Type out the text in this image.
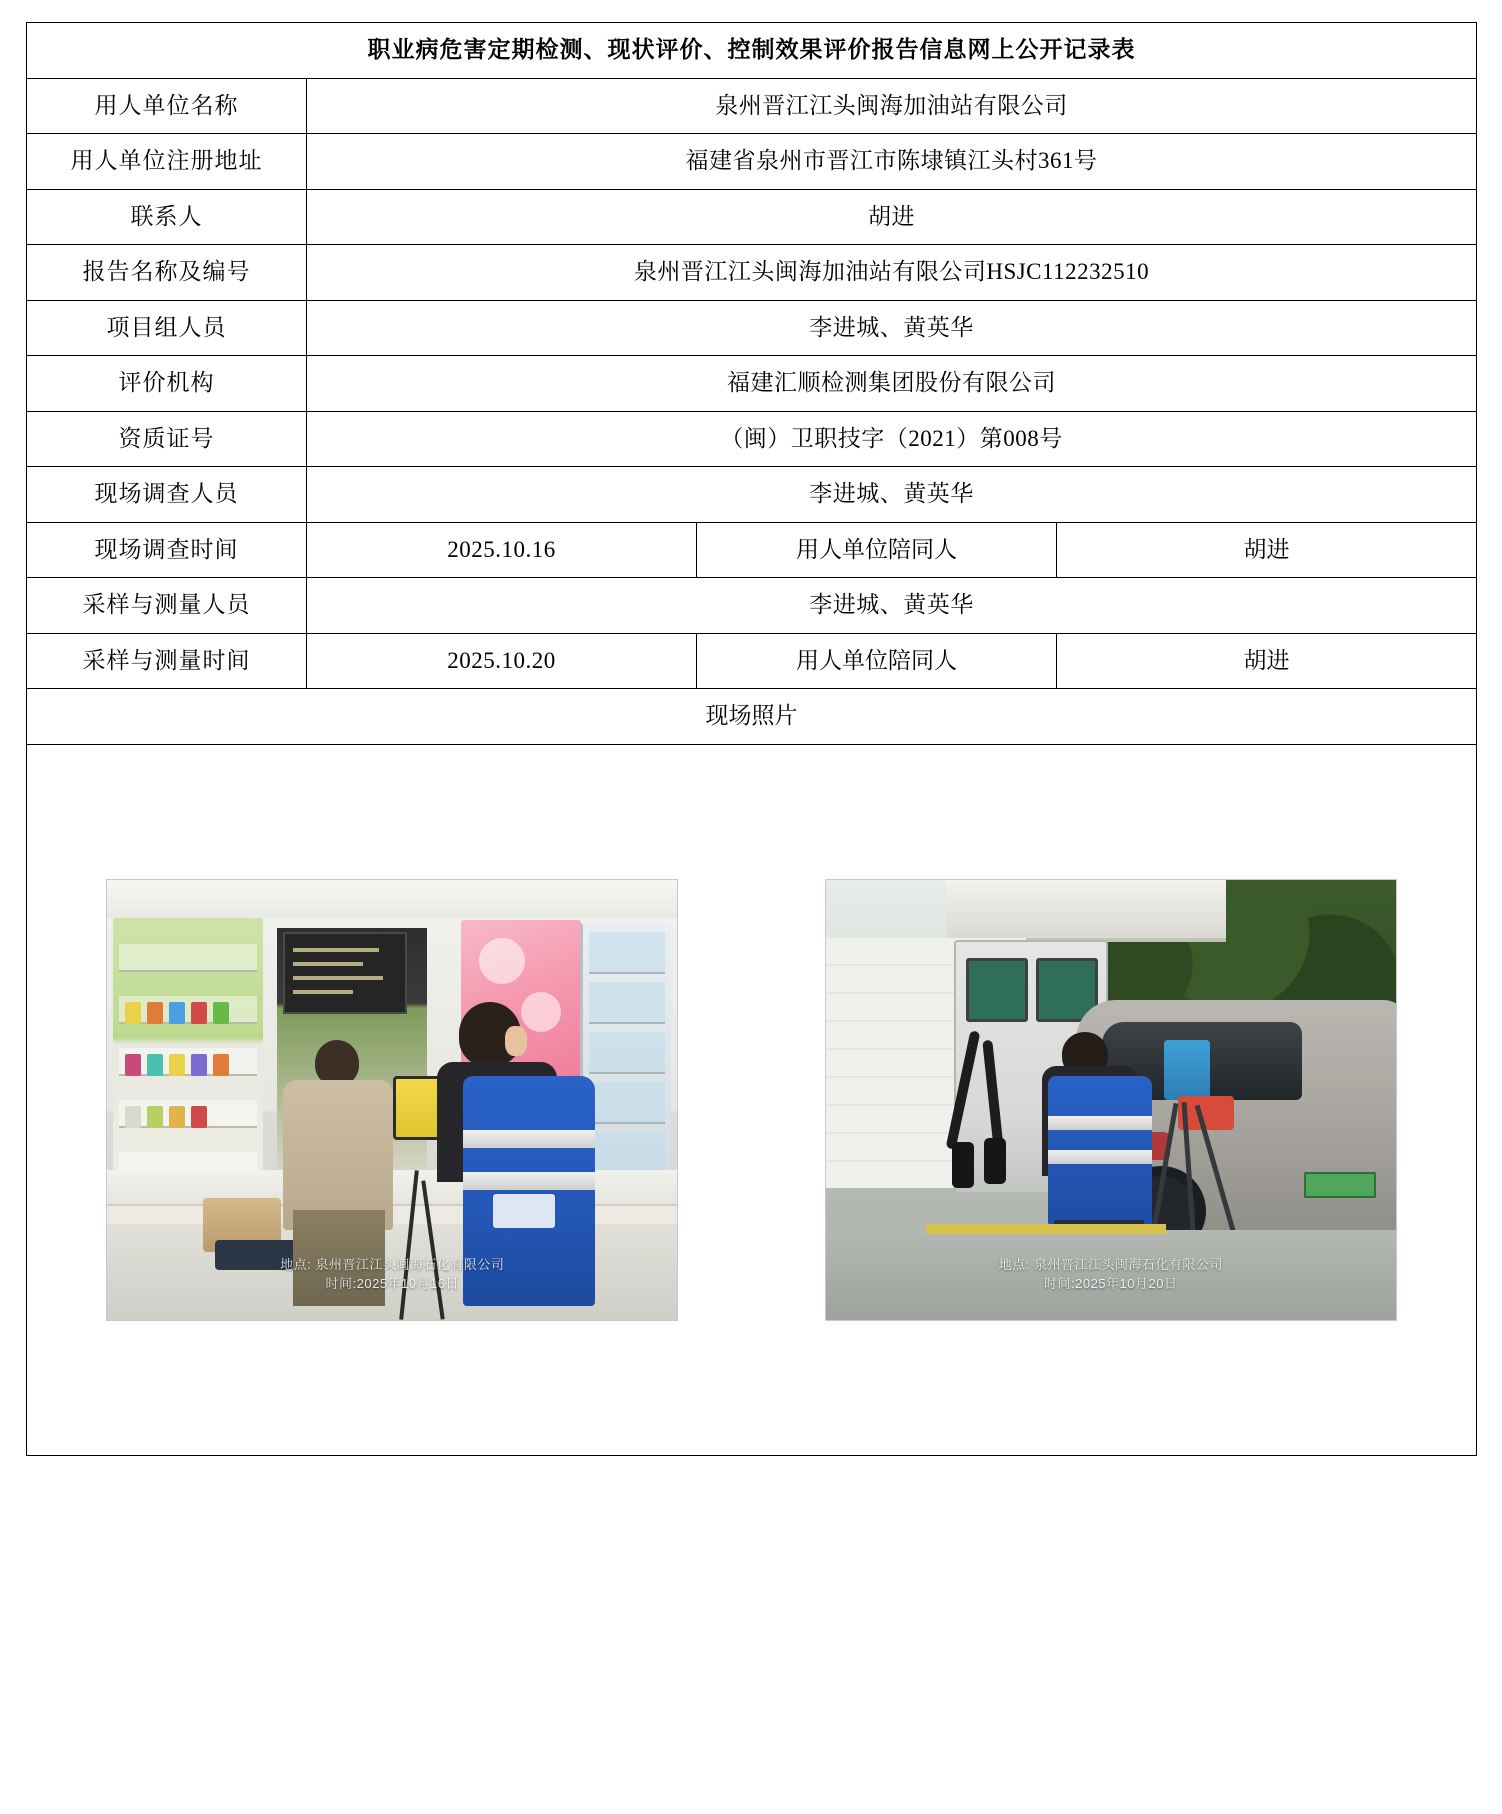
职业病危害定期检测、现状评价、控制效果评价报告信息网上公开记录表			
用人单位名称	泉州晋江江头闽海加油站有限公司		
用人单位注册地址	福建省泉州市晋江市陈埭镇江头村361号		
联系人	胡进		
报告名称及编号	泉州晋江江头闽海加油站有限公司HSJC112232510		
项目组人员	李进城、黄英华		
评价机构	福建汇顺检测集团股份有限公司		
资质证号	（闽）卫职技字（2021）第008号		
现场调查人员	李进城、黄英华		
现场调查时间	2025.10.16	用人单位陪同人	胡进
采样与测量人员	李进城、黄英华		
采样与测量时间	2025.10.20	用人单位陪同人	胡进
现场照片			

地点: 泉州晋江江头闽海石化有限公司
时间:2025年10月16日
地点: 泉州晋江江头闽海石化有限公司
时间:2025年10月20日			
